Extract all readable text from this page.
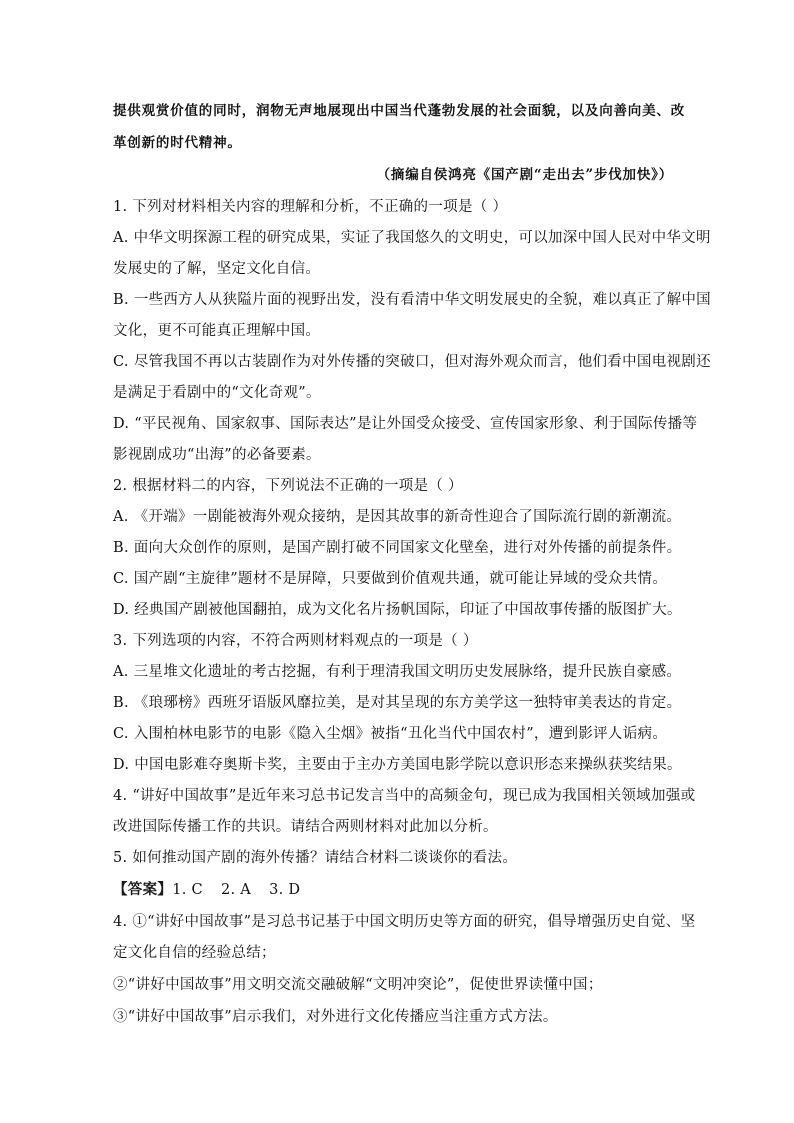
提供观赏价值的同时，润物无声地展现出中国当代蓬勃发展的社会面貌，以及向善向美、改
革创新的时代精神。
（摘编自侯鸿亮《国产剧“走出去”步伐加快》）
1. 下列对材料相关内容的理解和分析，不正确的一项是（ ）
A. 中华文明探源工程的研究成果，实证了我国悠久的文明史，可以加深中国人民对中华文明
发展史的了解，坚定文化自信。
B. 一些西方人从狭隘片面的视野出发，没有看清中华文明发展史的全貌，难以真正了解中国
文化，更不可能真正理解中国。
C. 尽管我国不再以古装剧作为对外传播的突破口，但对海外观众而言，他们看中国电视剧还
是满足于看剧中的“文化奇观”。
D. “平民视角、国家叙事、国际表达”是让外国受众接受、宣传国家形象、利于国际传播等
影视剧成功“出海”的必备要素。
2. 根据材料二的内容，下列说法不正确的一项是（ ）
A. 《开端》一剧能被海外观众接纳，是因其故事的新奇性迎合了国际流行剧的新潮流。
B. 面向大众创作的原则，是国产剧打破不同国家文化壁垒，进行对外传播的前提条件。
C. 国产剧“主旋律”题材不是屏障，只要做到价值观共通，就可能让异域的受众共情。
D. 经典国产剧被他国翻拍，成为文化名片扬帆国际，印证了中国故事传播的版图扩大。
3. 下列选项的内容，不符合两则材料观点的一项是（ ）
A. 三星堆文化遗址的考古挖掘，有利于理清我国文明历史发展脉络，提升民族自豪感。
B. 《琅琊榜》西班牙语版风靡拉美，是对其呈现的东方美学这一独特审美表达的肯定。
C. 入围柏林电影节的电影《隐入尘烟》被指“丑化当代中国农村”，遭到影评人诟病。
D. 中国电影难夺奥斯卡奖，主要由于主办方美国电影学院以意识形态来操纵获奖结果。
4. “讲好中国故事”是近年来习总书记发言当中的高频金句，现已成为我国相关领域加强或
改进国际传播工作的共识。请结合两则材料对此加以分析。
5. 如何推动国产剧的海外传播？请结合材料二谈谈你的看法。
【答案】1. C 2. A 3. D
4. ①“讲好中国故事”是习总书记基于中国文明历史等方面的研究，倡导增强历史自觉、坚
定文化自信的经验总结；
②“讲好中国故事”用文明交流交融破解“文明冲突论”，促使世界读懂中国；
③“讲好中国故事”启示我们，对外进行文化传播应当注重方式方法。
